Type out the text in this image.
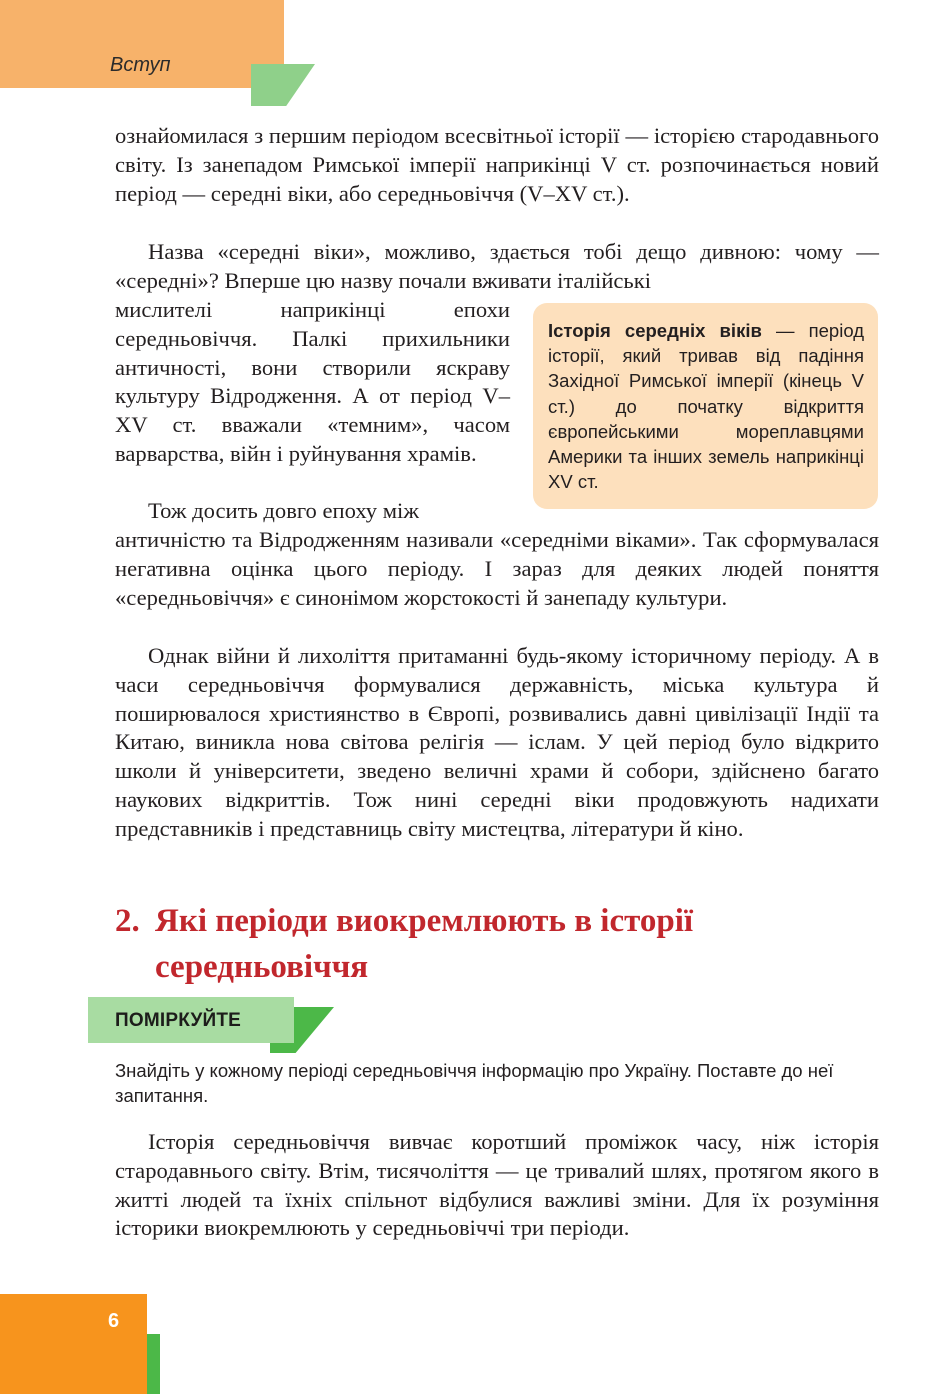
Вступ

ознайомилася з першим періодом всесвітньої історії — історією стародавнього світу. Із занепадом Римської імперії наприкінці V ст. розпочинається новий період — середні віки, або середньовіччя (V–XV ст.).

Назва «середні віки», можливо, здається тобі дещо дивною: чому — «середні»? Вперше цю назву почали вживати італійські

мислителі наприкінці епохи середньовіччя. Палкі прихильники античності, вони створили яскраву культуру Відродження. А от період V–XV ст. вважали «темним», часом варварства, війн і руйнування храмів.

Історія середніх віків — період історії, який тривав від падіння Західної Римської імперії (кінець V ст.) до початку відкриття європейськими мореплавцями Америки та інших земель наприкінці XV ст.

Тож досить довго епоху між

античністю та Відродженням називали «середніми віками». Так сформувалася негативна оцінка цього періоду. І зараз для деяких людей поняття «середньовіччя» є синонімом жорстокості й занепаду культури.

Однак війни й лихоліття притаманні будь-якому історичному періоду. А в часи середньовіччя формувалися державність, міська культура й поширювалося християнство в Європі, розвивались давні цивілізації Індії та Китаю, виникла нова світова релігія — іслам. У цей період було відкрито школи й університети, зведено величні храми й собори, здійснено багато наукових відкриттів. Тож нині середні віки продовжують надихати представників і представниць світу мистецтва, літератури й кіно.

2. Які періоди виокремлюють в історії
середньовіччя
ПОМІРКУЙТЕ

Знайдіть у кожному періоді середньовіччя інформацію про Україну. Поставте до неї запитання.

Історія середньовіччя вивчає коротший проміжок часу, ніж історія стародавнього світу. Втім, тисячоліття — це тривалий шлях, протягом якого в житті людей та їхніх спільнот відбулися важливі зміни. Для їх розуміння історики виокремлюють у середньовіччі три періоди.

6
